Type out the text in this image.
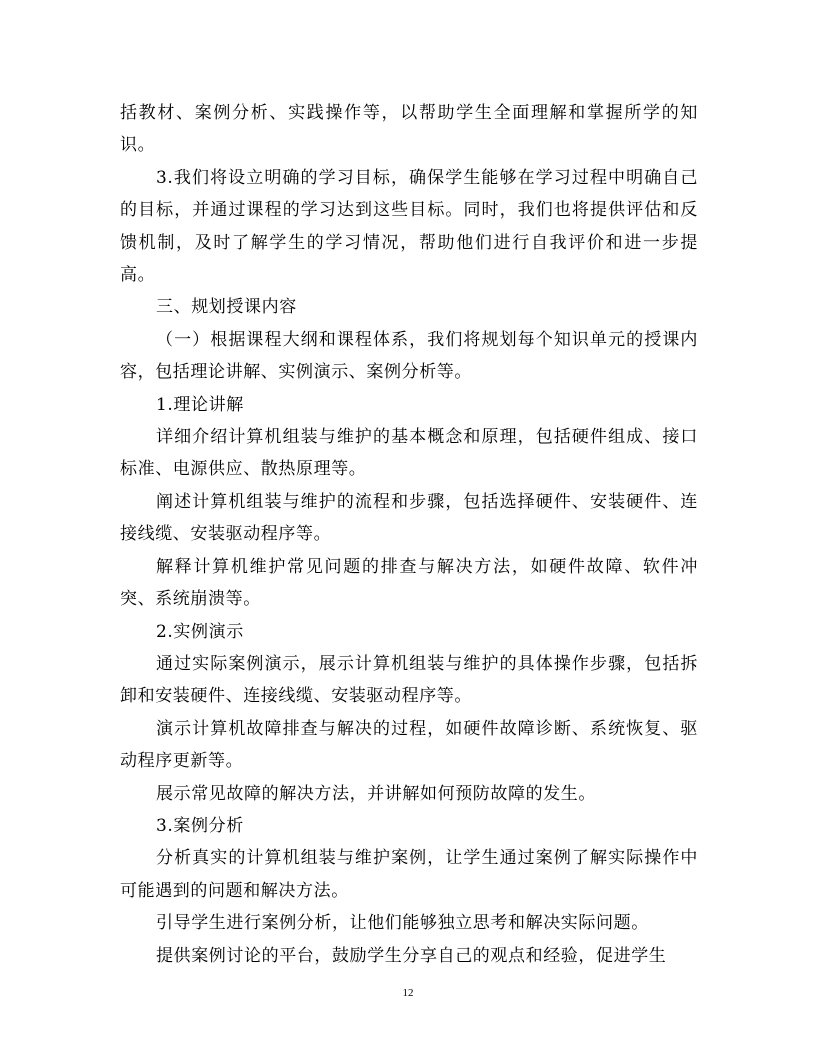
括教材、案例分析、实践操作等，以帮助学生全面理解和掌握所学的知识。

3.我们将设立明确的学习目标，确保学生能够在学习过程中明确自己的目标，并通过课程的学习达到这些目标。同时，我们也将提供评估和反馈机制，及时了解学生的学习情况，帮助他们进行自我评价和进一步提高。

三、规划授课内容

（一）根据课程大纲和课程体系，我们将规划每个知识单元的授课内容，包括理论讲解、实例演示、案例分析等。

1.理论讲解

详细介绍计算机组装与维护的基本概念和原理，包括硬件组成、接口标准、电源供应、散热原理等。

阐述计算机组装与维护的流程和步骤，包括选择硬件、安装硬件、连接线缆、安装驱动程序等。

解释计算机维护常见问题的排查与解决方法，如硬件故障、软件冲突、系统崩溃等。

2.实例演示

通过实际案例演示，展示计算机组装与维护的具体操作步骤，包括拆卸和安装硬件、连接线缆、安装驱动程序等。

演示计算机故障排查与解决的过程，如硬件故障诊断、系统恢复、驱动程序更新等。

展示常见故障的解决方法，并讲解如何预防故障的发生。

3.案例分析

分析真实的计算机组装与维护案例，让学生通过案例了解实际操作中可能遇到的问题和解决方法。

引导学生进行案例分析，让他们能够独立思考和解决实际问题。

提供案例讨论的平台，鼓励学生分享自己的观点和经验，促进学生

12
